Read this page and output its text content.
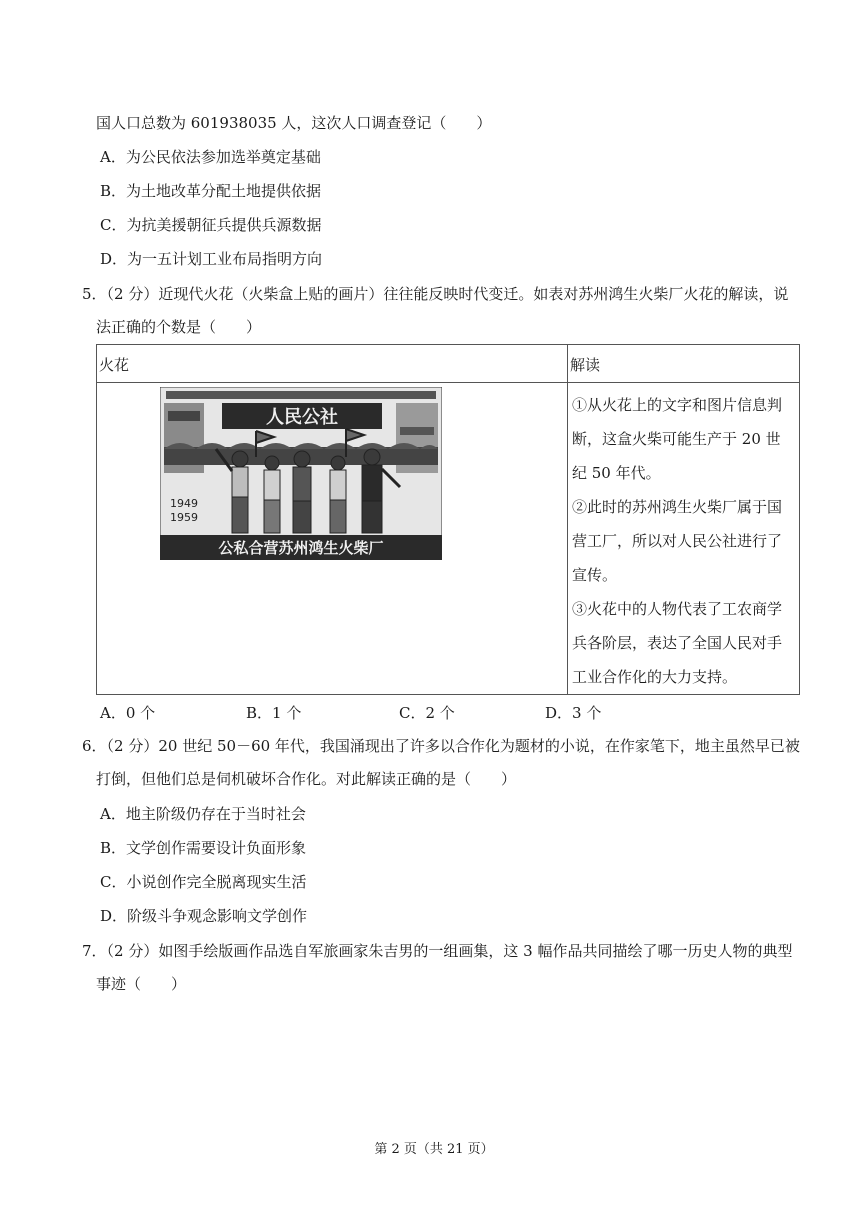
国人口总数为 601938035 人，这次人口调查登记（　　）
A．为公民依法参加选举奠定基础
B．为土地改革分配土地提供依据
C．为抗美援朝征兵提供兵源数据
D．为一五计划工业布局指明方向
5．（2 分）近现代火花（火柴盒上贴的画片）往往能反映时代变迁。如表对苏州鸿生火柴厂火花的解读，说
法正确的个数是（　　）
火花	解读

	①从火花上的文字和图片信息判断，这盒火柴可能生产于 20 世纪 50 年代。

②此时的苏州鸿生火柴厂属于国营工厂，所以对人民公社进行了宣传。

③火花中的人物代表了工农商学兵各阶层，表达了全国人民对手工业合作化的大力支持。

人民公社
1949
1959
公私合营苏州鸿生火柴厂
A．0 个	B．1 个	C．2 个	D．3 个
6．（2 分）20 世纪 50－60 年代，我国涌现出了许多以合作化为题材的小说，在作家笔下，地主虽然早已被
打倒，但他们总是伺机破坏合作化。对此解读正确的是（　　）
A．地主阶级仍存在于当时社会
B．文学创作需要设计负面形象
C．小说创作完全脱离现实生活
D．阶级斗争观念影响文学创作
7．（2 分）如图手绘版画作品选自军旅画家朱吉男的一组画集，这 3 幅作品共同描绘了哪一历史人物的典型
事迹（　　）
第 2 页（共 21 页）
